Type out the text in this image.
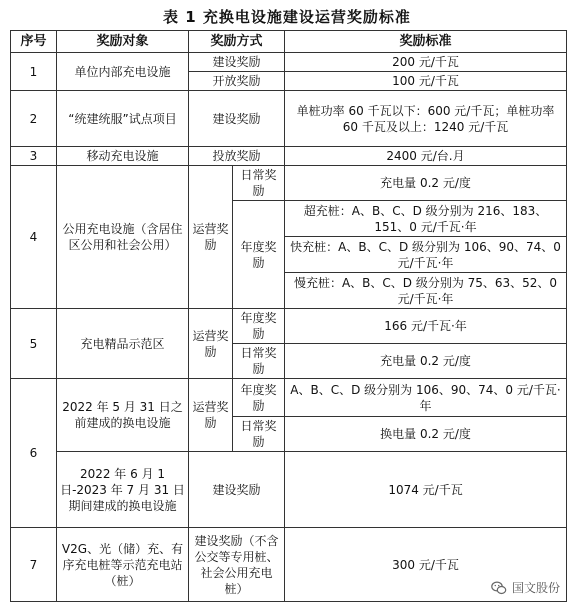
表 1 充换电设施建设运营奖励标准
序号	奖励对象	奖励方式		奖励标准
1	单位内部充电设施	建设奖励		200 元/千瓦
		开放奖励		100 元/千瓦
2	“统建统服”试点项目	建设奖励		单桩功率 60 千瓦以下：600 元/千瓦；单桩功率 60 千瓦及以上：1240 元/千瓦
3	移动充电设施	投放奖励		2400 元/台.月
4	公用充电设施（含居住区公用和社会公用）	运营奖励	日常奖励	充电量 0.2 元/度
			年度奖励	超充桩：A、B、C、D 级分别为 216、183、151、0 元/千瓦·年
				快充桩：A、B、C、D 级分别为 106、90、74、0 元/千瓦·年
				慢充桩：A、B、C、D 级分别为 75、63、52、0 元/千瓦·年
5	充电精品示范区	运营奖励	年度奖励	166 元/千瓦·年
			日常奖励	充电量 0.2 元/度
6	2022 年 5 月 31 日之前建成的换电设施	运营奖励	年度奖励	A、B、C、D 级分别为 106、90、74、0 元/千瓦·年
			日常奖励	换电量 0.2 元/度
	2022 年 6 月 1 日-2023 年 7 月 31 日期间建成的换电设施	建设奖励		1074 元/千瓦
7	V2G、光（储）充、有序充电桩等示范充电站（桩）	建设奖励（不含公交等专用桩、社会公用充电桩）		300 元/千瓦
国文股份
